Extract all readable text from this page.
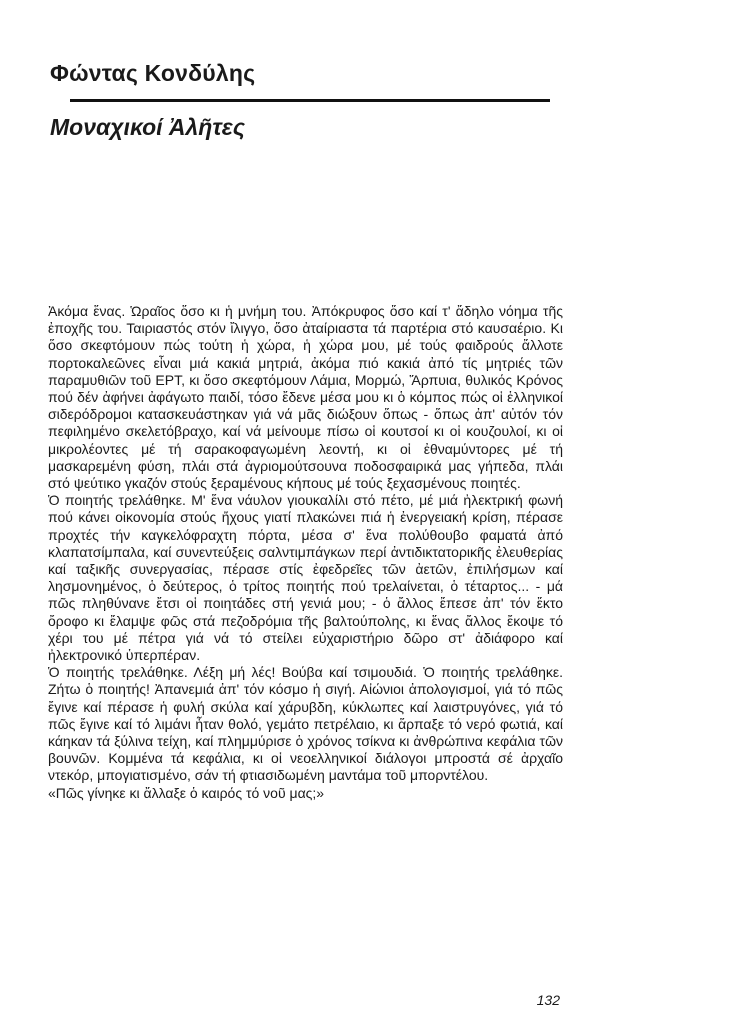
Φώντας Κονδύλης
Μοναχικοί Ἀλῆτες

Ἀκόμα ἕνας. Ὡραῖος ὅσο κι ἡ μνήμη του. Ἀπόκρυφος ὅσο καί τ' ἄδηλο νόημα τῆς ἐποχῆς του. Ταιριαστός στόν ἴλιγγο, ὅσο ἀταίριαστα τά παρτέρια στό καυσαέριο. Κι ὅσο σκεφτόμουν πώς τούτη ἡ χώρα, ἡ χώρα μου, μέ τούς φαιδρούς ἄλλοτε πορτοκαλεῶνες εἶναι μιά κακιά μητριά, ἀκόμα πιό κακιά ἀπό τίς μητριές τῶν παραμυθιῶν τοῦ ΕΡΤ, κι ὅσο σκεφτόμουν Λάμια, Μορμώ, Ἅρπυια, θυλικός Κρόνος πού δέν ἀφήνει ἀφάγωτο παιδί, τόσο ἔδενε μέσα μου κι ὁ κόμπος πώς οἱ ἑλληνικοί σιδερόδρομοι κατασκευάστηκαν γιά νά μᾶς διώξουν ὅπως - ὅπως ἀπ' αὐτόν τόν πεφιλημένο σκελετόβραχο, καί νά μείνουμε πίσω οἱ κουτσοί κι οἱ κουζουλοί, κι οἱ μικρολέοντες μέ τή σαρακοφαγωμένη λεοντή, κι οἱ ἐθναμύντορες μέ τή μασκαρεμένη φύση, πλάι στά ἀγριομούτσουνα ποδοσφαιρικά μας γήπεδα, πλάι στό ψεύτικο γκαζόν στούς ξεραμένους κήπους μέ τούς ξεχασμένους ποιητές.

Ὁ ποιητής τρελάθηκε. Μ' ἕνα νάυλον γιουκαλίλι στό πέτο, μέ μιά ἠλεκτρική φωνή πού κάνει οἰκονομία στούς ἤχους γιατί πλακώνει πιά ἡ ἐνεργειακή κρίση, πέρασε προχτές τήν καγκελόφραχτη πόρτα, μέσα σ' ἕνα πολύθουβο φαματά ἀπό κλαπατσίμπαλα, καί συνεντεύξεις σαλντιμπάγκων περί ἀντιδικτατορικῆς ἐλευθερίας καί ταξικῆς συνεργασίας, πέρασε στίς ἐφεδρεῖες τῶν ἀετῶν, ἐπιλήσμων καί λησμονημένος, ὁ δεύτερος, ὁ τρίτος ποιητής πού τρελαίνεται, ὁ τέταρτος... - μά πῶς πληθύνανε ἔτσι οἱ ποιητάδες στή γενιά μου; - ὁ ἄλλος ἔπεσε ἀπ' τόν ἕκτο ὄροφο κι ἔλαμψε φῶς στά πεζοδρόμια τῆς βαλτούπολης, κι ἕνας ἄλλος ἔκοψε τό χέρι του μέ πέτρα γιά νά τό στείλει εὐχαριστήριο δῶρο στ' ἀδιάφορο καί ἠλεκτρονικό ὑπερπέραν.

Ὁ ποιητής τρελάθηκε. Λέξη μή λές! Βούβα καί τσιμουδιά. Ὁ ποιητής τρελάθηκε. Ζήτω ὁ ποιητής! Ἀπανεμιά ἀπ' τόν κόσμο ἡ σιγή. Αἰώνιοι ἀπολογισμοί, γιά τό πῶς ἔγινε καί πέρασε ἡ φυλή σκύλα καί χάρυβδη, κύκλωπες καί λαιστρυγόνες, γιά τό πῶς ἔγινε καί τό λιμάνι ἦταν θολό, γεμάτο πετρέλαιο, κι ἅρπαξε τό νερό φωτιά, καί κάηκαν τά ξύλινα τείχη, καί πλημμύρισε ὁ χρόνος τσίκνα κι ἀνθρώπινα κεφάλια τῶν βουνῶν. Κομμένα τά κεφάλια, κι οἱ νεοελληνικοί διάλογοι μπροστά σέ ἀρχαῖο ντεκόρ, μπογιατισμένο, σάν τή φτιασιδωμένη μαντάμα τοῦ μπορντέλου.

«Πῶς γίνηκε κι ἄλλαξε ὁ καιρός τό νοῦ μας;»

132
